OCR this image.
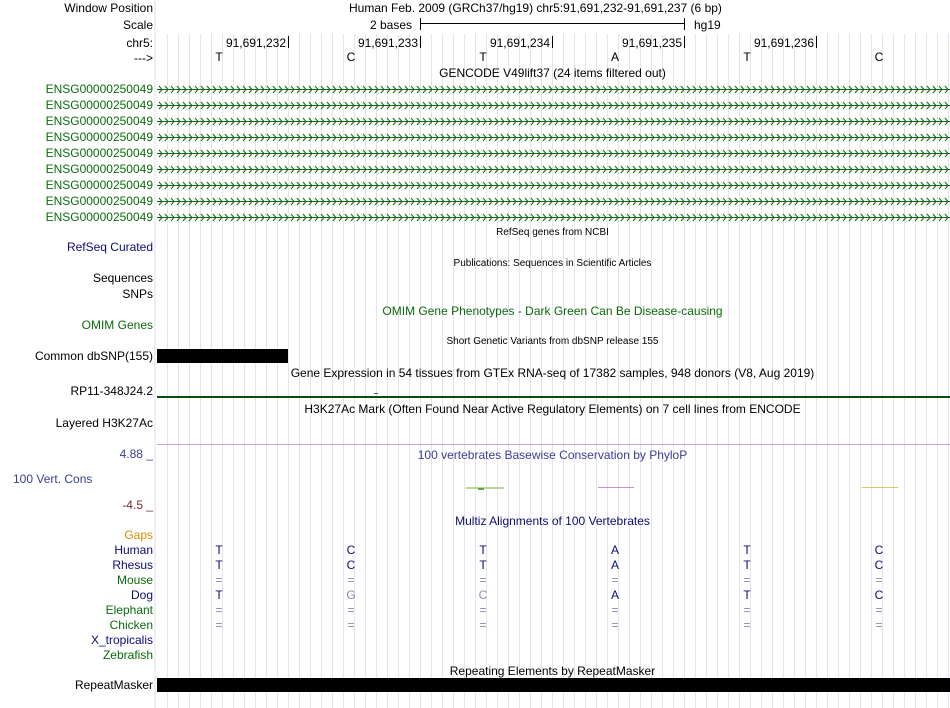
Window Position	Human Feb. 2009 (GRCh37/hg19) chr5:91,691,232-91,691,237 (6 bp)
Scale	2 bases	hg19
chr5:	91,691,232	91,691,233	91,691,234	91,691,235	91,691,236
--->	T	C	T	A	T	C
GENCODE V49lift37 (24 items filtered out)
ENSG00000250049
ENSG00000250049
ENSG00000250049
ENSG00000250049
ENSG00000250049
ENSG00000250049
ENSG00000250049
ENSG00000250049
ENSG00000250049
RefSeq genes from NCBI
RefSeq Curated
Publications: Sequences in Scientific Articles
Sequences
SNPs
OMIM Gene Phenotypes - Dark Green Can Be Disease-causing
OMIM Genes
Short Genetic Variants from dbSNP release 155
Common dbSNP(155)
Gene Expression in 54 tissues from GTEx RNA-seq of 17382 samples, 948 donors (V8, Aug 2019)
RP11-348J24.2
H3K27Ac Mark (Often Found Near Active Regulatory Elements) on 7 cell lines from ENCODE
Layered H3K27Ac
4.88 _	100 vertebrates Basewise Conservation by PhyloP
100 Vert. Cons
-4.5 _
Multiz Alignments of 100 Vertebrates
Gaps
Human	T	C	T	A	T	C
Rhesus	T	C	T	A	T	C
Mouse	=	=	=	=	=	=
Dog	T	G	C	A	T	C
Elephant	=	=	=	=	=	=
Chicken	=	=	=	=	=	=
X_tropicalis
Zebrafish
Repeating Elements by RepeatMasker
RepeatMasker
